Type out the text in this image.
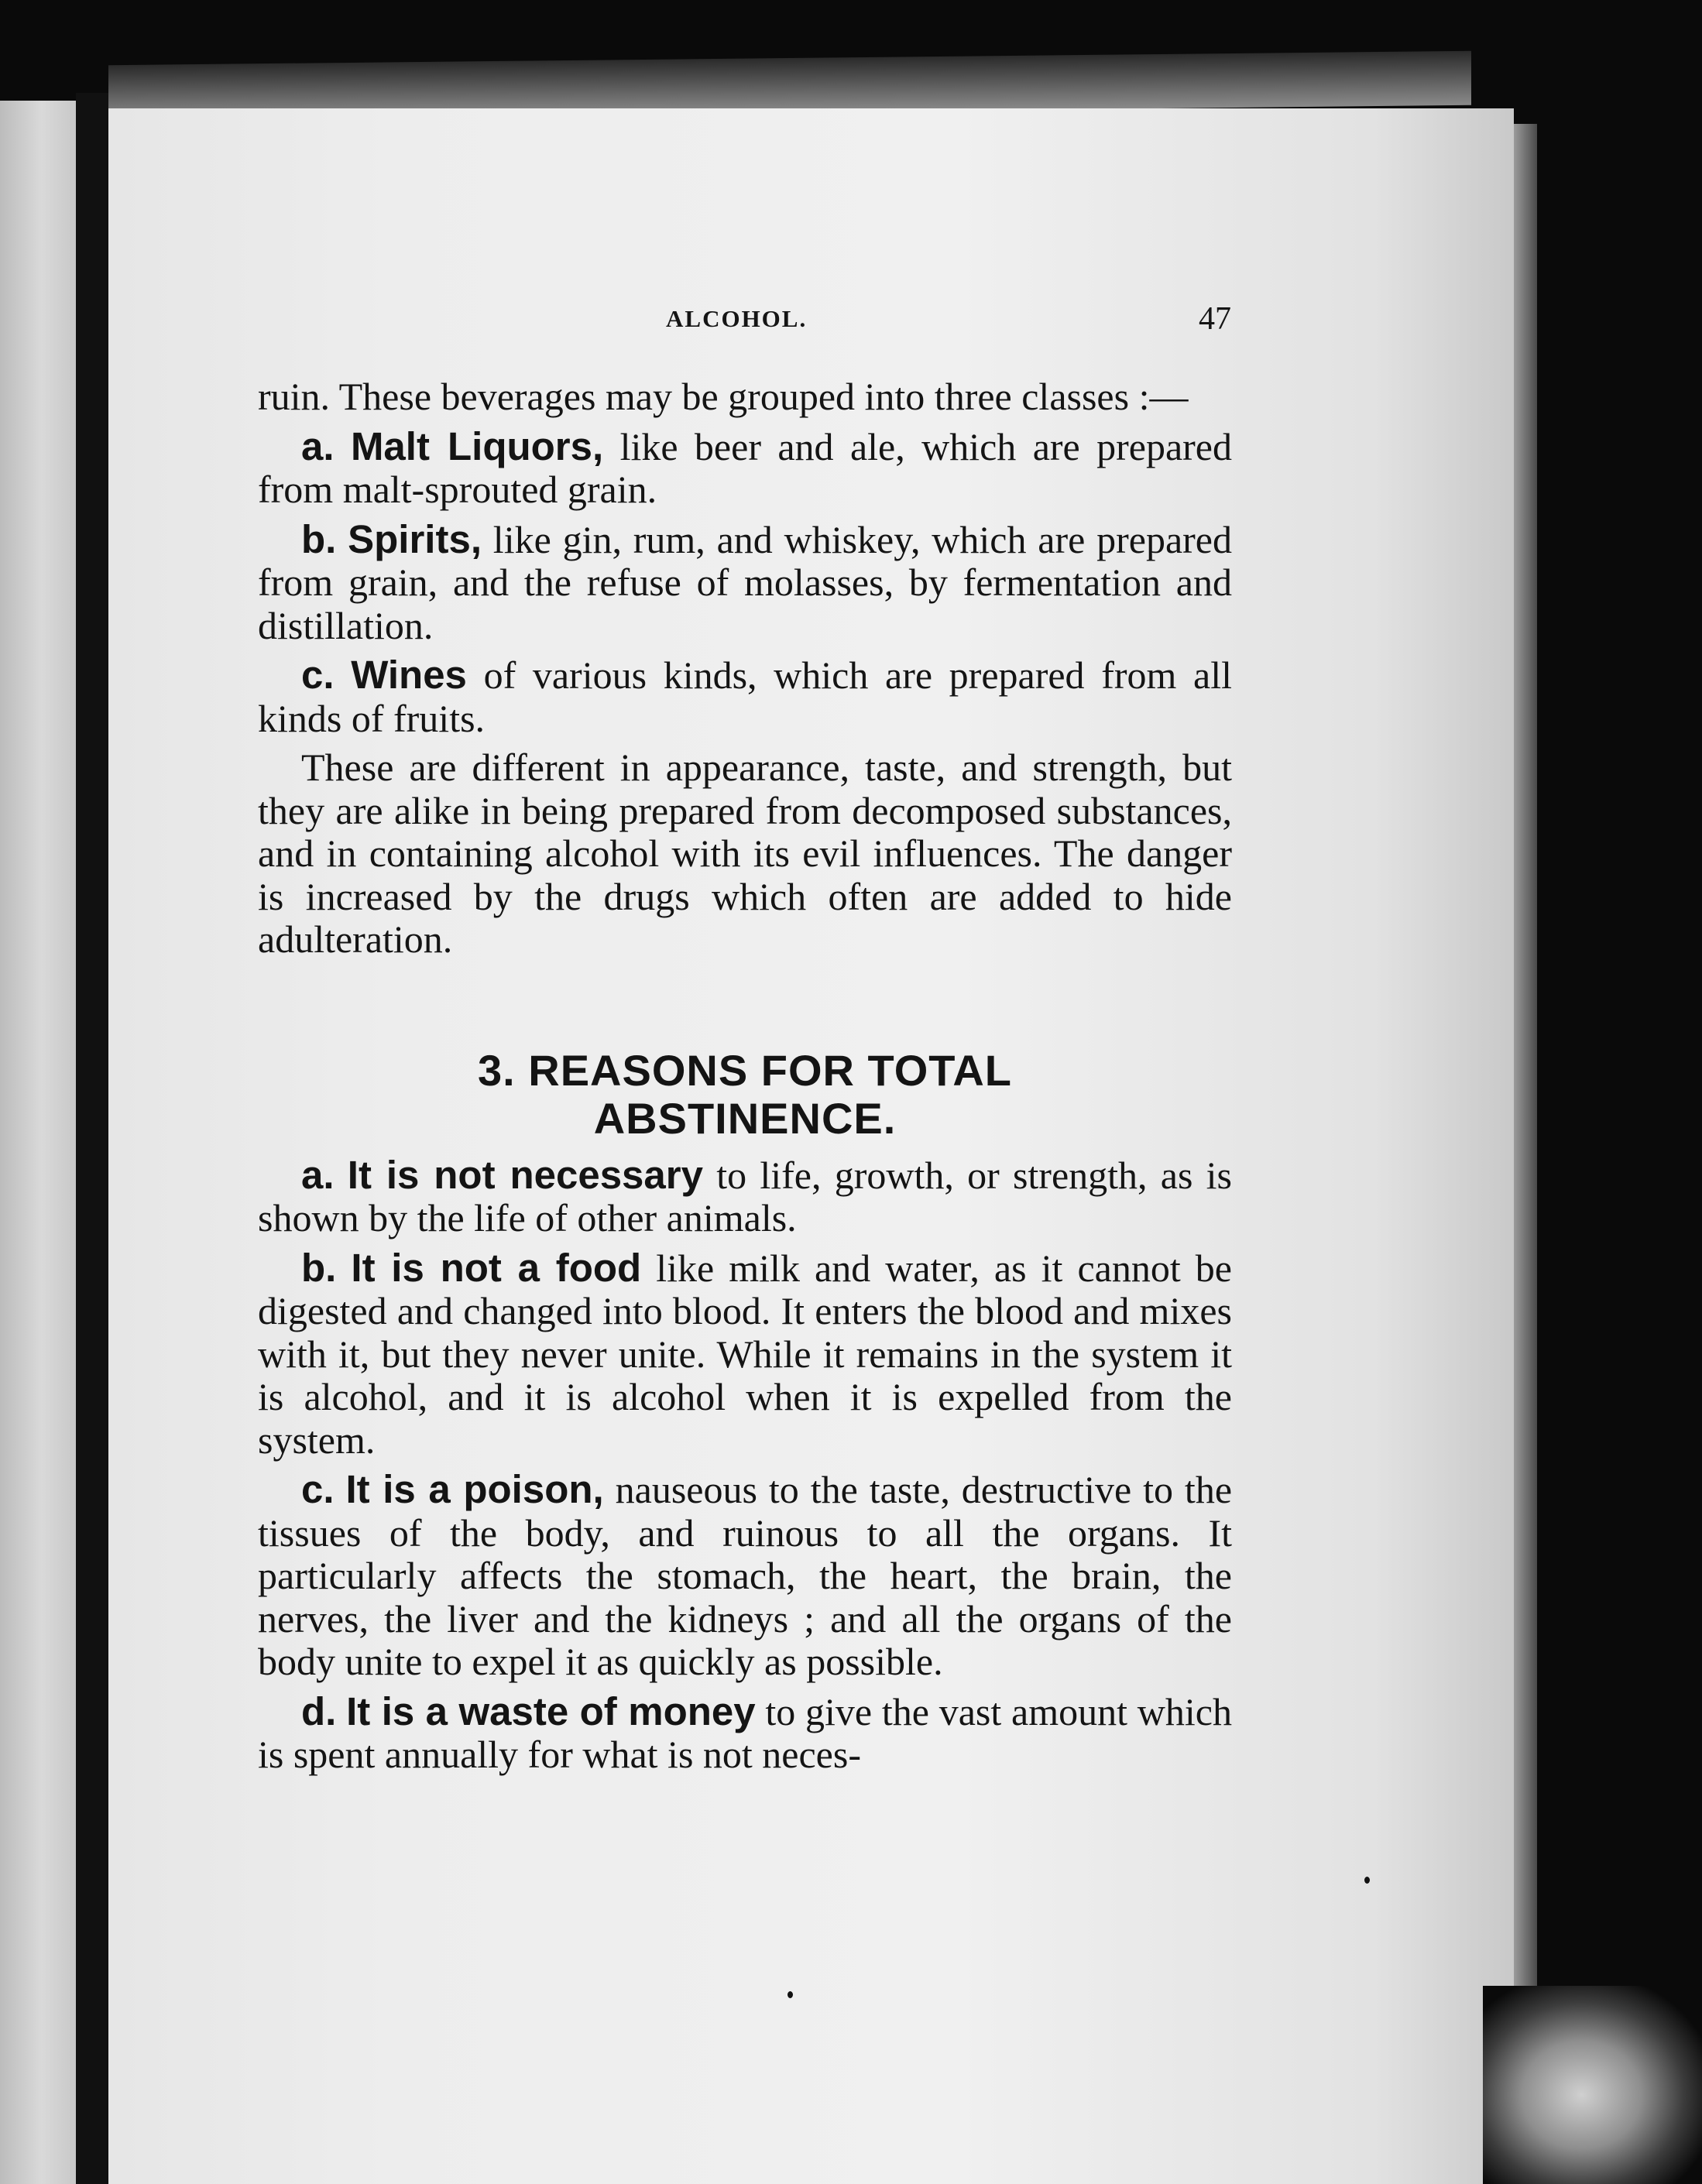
ALCOHOL.	47

ruin. These beverages may be grouped into three classes :—

a. Malt Liquors, like beer and ale, which are prepared from malt-sprouted grain.

b. Spirits, like gin, rum, and whiskey, which are prepared from grain, and the refuse of molasses, by fermentation and distillation.

c. Wines of various kinds, which are prepared from all kinds of fruits.

These are different in appearance, taste, and strength, but they are alike in being prepared from decomposed substances, and in containing alcohol with its evil influences. The danger is increased by the drugs which often are added to hide adulteration.

3. REASONS FOR TOTAL
ABSTINENCE.

a. It is not necessary to life, growth, or strength, as is shown by the life of other animals.

b. It is not a food like milk and water, as it cannot be digested and changed into blood. It enters the blood and mixes with it, but they never unite. While it remains in the system it is alcohol, and it is alcohol when it is expelled from the system.

c. It is a poison, nauseous to the taste, destructive to the tissues of the body, and ruinous to all the organs. It particularly affects the stomach, the heart, the brain, the nerves, the liver and the kidneys ; and all the organs of the body unite to expel it as quickly as possible.

d. It is a waste of money to give the vast amount which is spent annually for what is not neces-
